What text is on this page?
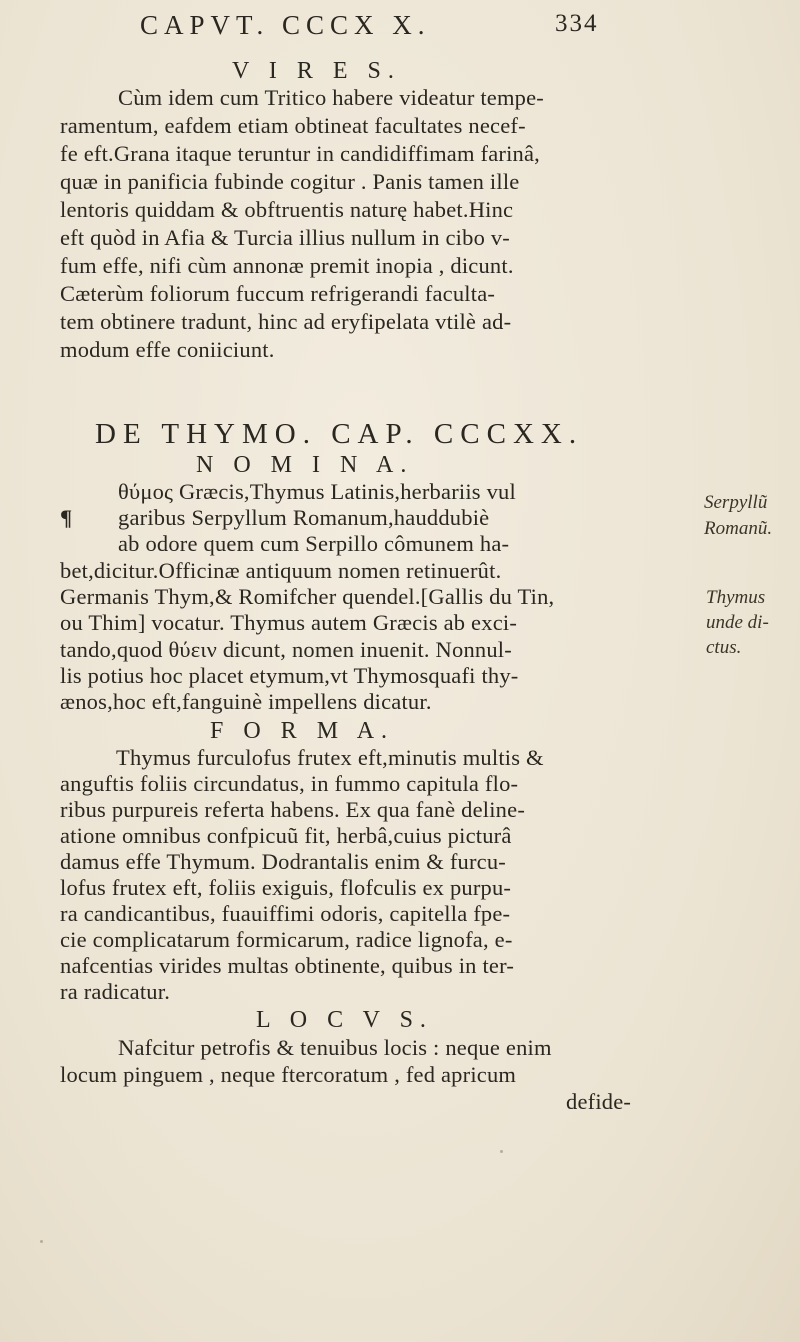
CAPVT. CCCX X.	334
V I R E S.
Cùm idem cum Tritico habere videatur tempe-
ramentum, eafdem etiam obtineat facultates necef-
fe eft.Grana itaque teruntur in candidiffimam farinâ,
quæ in panificia fubinde cogitur . Panis tamen ille
lentoris quiddam & obftruentis naturę habet.Hinc
eft quòd in Afia & Turcia illius nullum in cibo v-
fum effe, nifi cùm annonæ premit inopia , dicunt.
Cæterùm foliorum fuccum refrigerandi faculta-
tem obtinere tradunt, hinc ad eryfipelata vtilè ad-
modum effe coniiciunt.
DE THYMO. CAP. CCCXX.
N O M I N A.
θύμος Græcis,Thymus Latinis,herbariis vul
garibus Serpyllum Romanum,hauddubiè
ab odore quem cum Serpillo cômunem ha-
bet,dicitur.Officinæ antiquum nomen retinuerût.
Germanis Thym,& Romifcher quendel.[Gallis du Tin,
ou Thim] vocatur. Thymus autem Græcis ab exci-
tando,quod θύειν dicunt, nomen inuenit. Nonnul-
lis potius hoc placet etymum,vt Thymosquafi thy-
ænos,hoc eft,fanguinè impellens dicatur.
¶
Serpyllũ
Romanũ.
Thymus
unde di-
ctus.
F O R M A.
Thymus furculofus frutex eft,minutis multis &
anguftis foliis circundatus, in fummo capitula flo-
ribus purpureis referta habens. Ex qua fanè deline-
atione omnibus confpicuũ fit, herbâ,cuius picturâ
damus effe Thymum. Dodrantalis enim & furcu-
lofus frutex eft, foliis exiguis, flofculis ex purpu-
ra candicantibus, fuauiffimi odoris, capitella fpe-
cie complicatarum formicarum, radice lignofa, e-
nafcentias virides multas obtinente, quibus in ter-
ra radicatur.
L O C V S.
Nafcitur petrofis & tenuibus locis : neque enim
locum pinguem , neque ftercoratum , fed apricum
defide-
